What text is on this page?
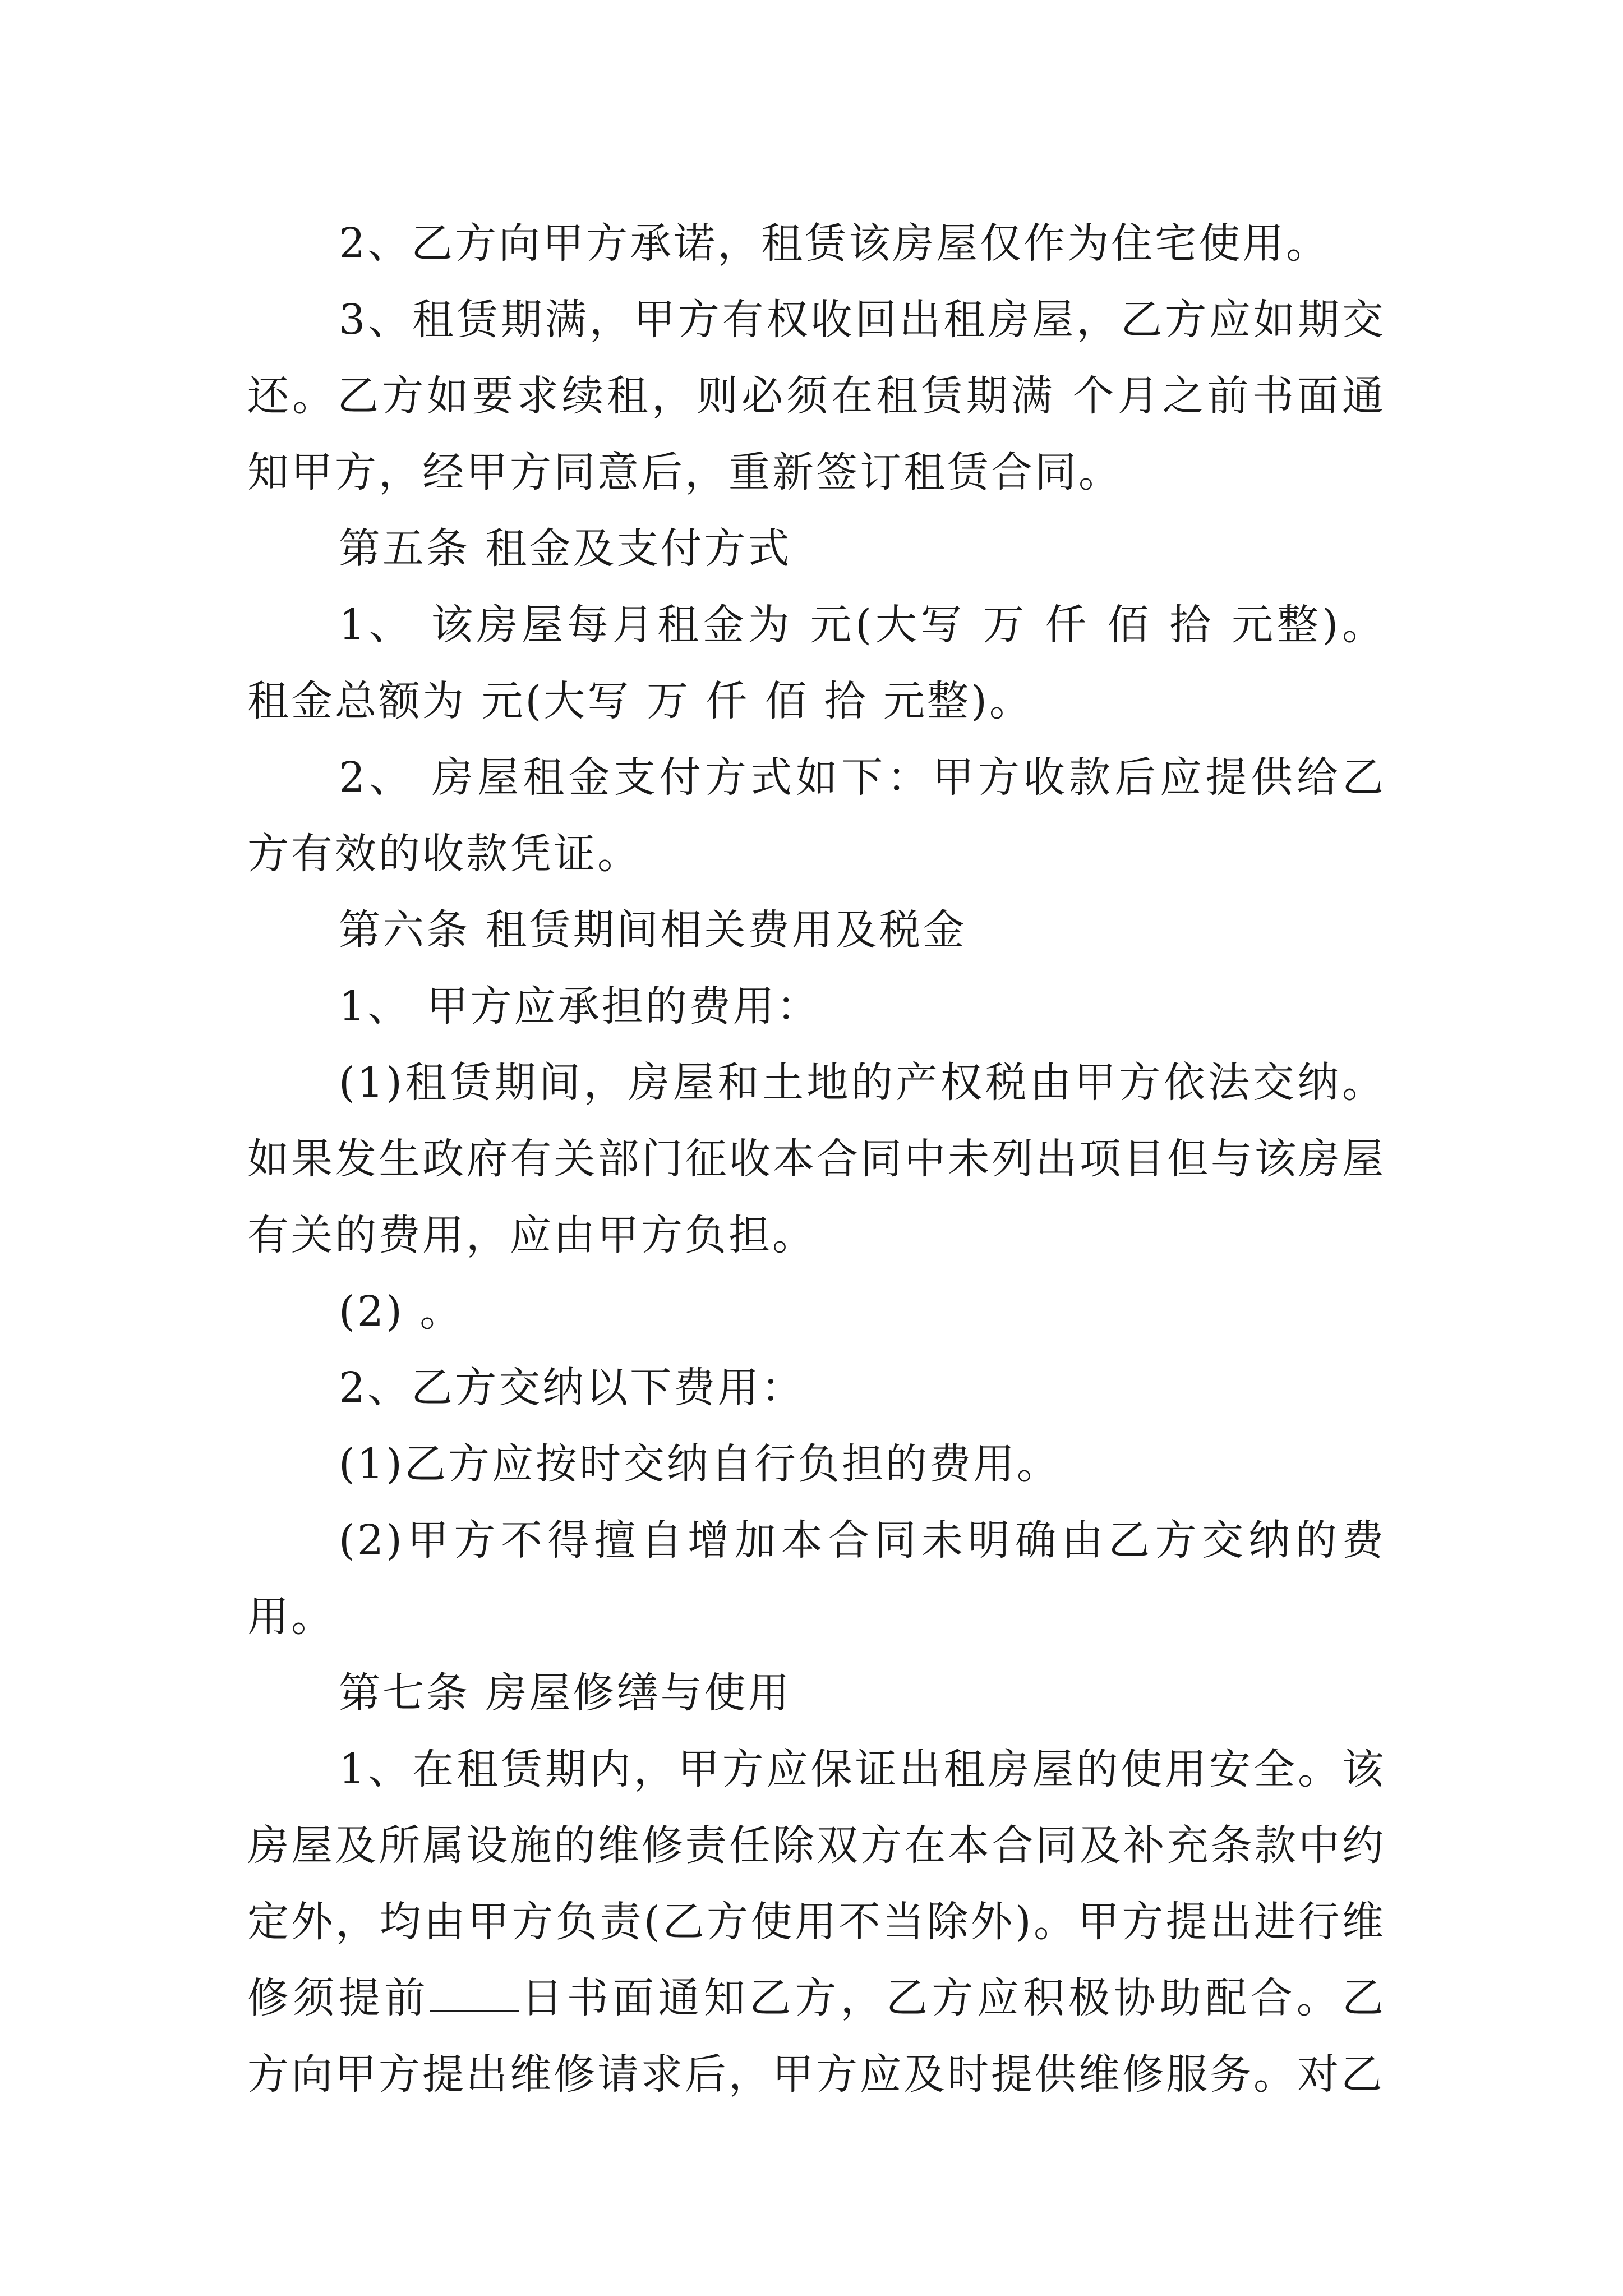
2、乙方向甲方承诺，租赁该房屋仅作为住宅使用。

3、租赁期满，甲方有权收回出租房屋，乙方应如期交还。乙方如要求续租，则必须在租赁期满 个月之前书面通知甲方，经甲方同意后，重新签订租赁合同。

第五条 租金及支付方式

1、 该房屋每月租金为 元(大写 万 仟 佰 拾 元整)。租金总额为 元(大写 万 仟 佰 拾 元整)。

2、 房屋租金支付方式如下：甲方收款后应提供给乙方有效的收款凭证。

第六条 租赁期间相关费用及税金

1、 甲方应承担的费用：

(1)租赁期间，房屋和土地的产权税由甲方依法交纳。如果发生政府有关部门征收本合同中未列出项目但与该房屋有关的费用，应由甲方负担。

(2) 。

2、乙方交纳以下费用：

(1)乙方应按时交纳自行负担的费用。

(2)甲方不得擅自增加本合同未明确由乙方交纳的费用。

第七条 房屋修缮与使用

1、在租赁期内，甲方应保证出租房屋的使用安全。该房屋及所属设施的维修责任除双方在本合同及补充条款中约定外，均由甲方负责(乙方使用不当除外)。甲方提出进行维修须提前 日书面通知乙方，乙方应积极协助配合。乙方向甲方提出维修请求后，甲方应及时提供维修服务。对乙
